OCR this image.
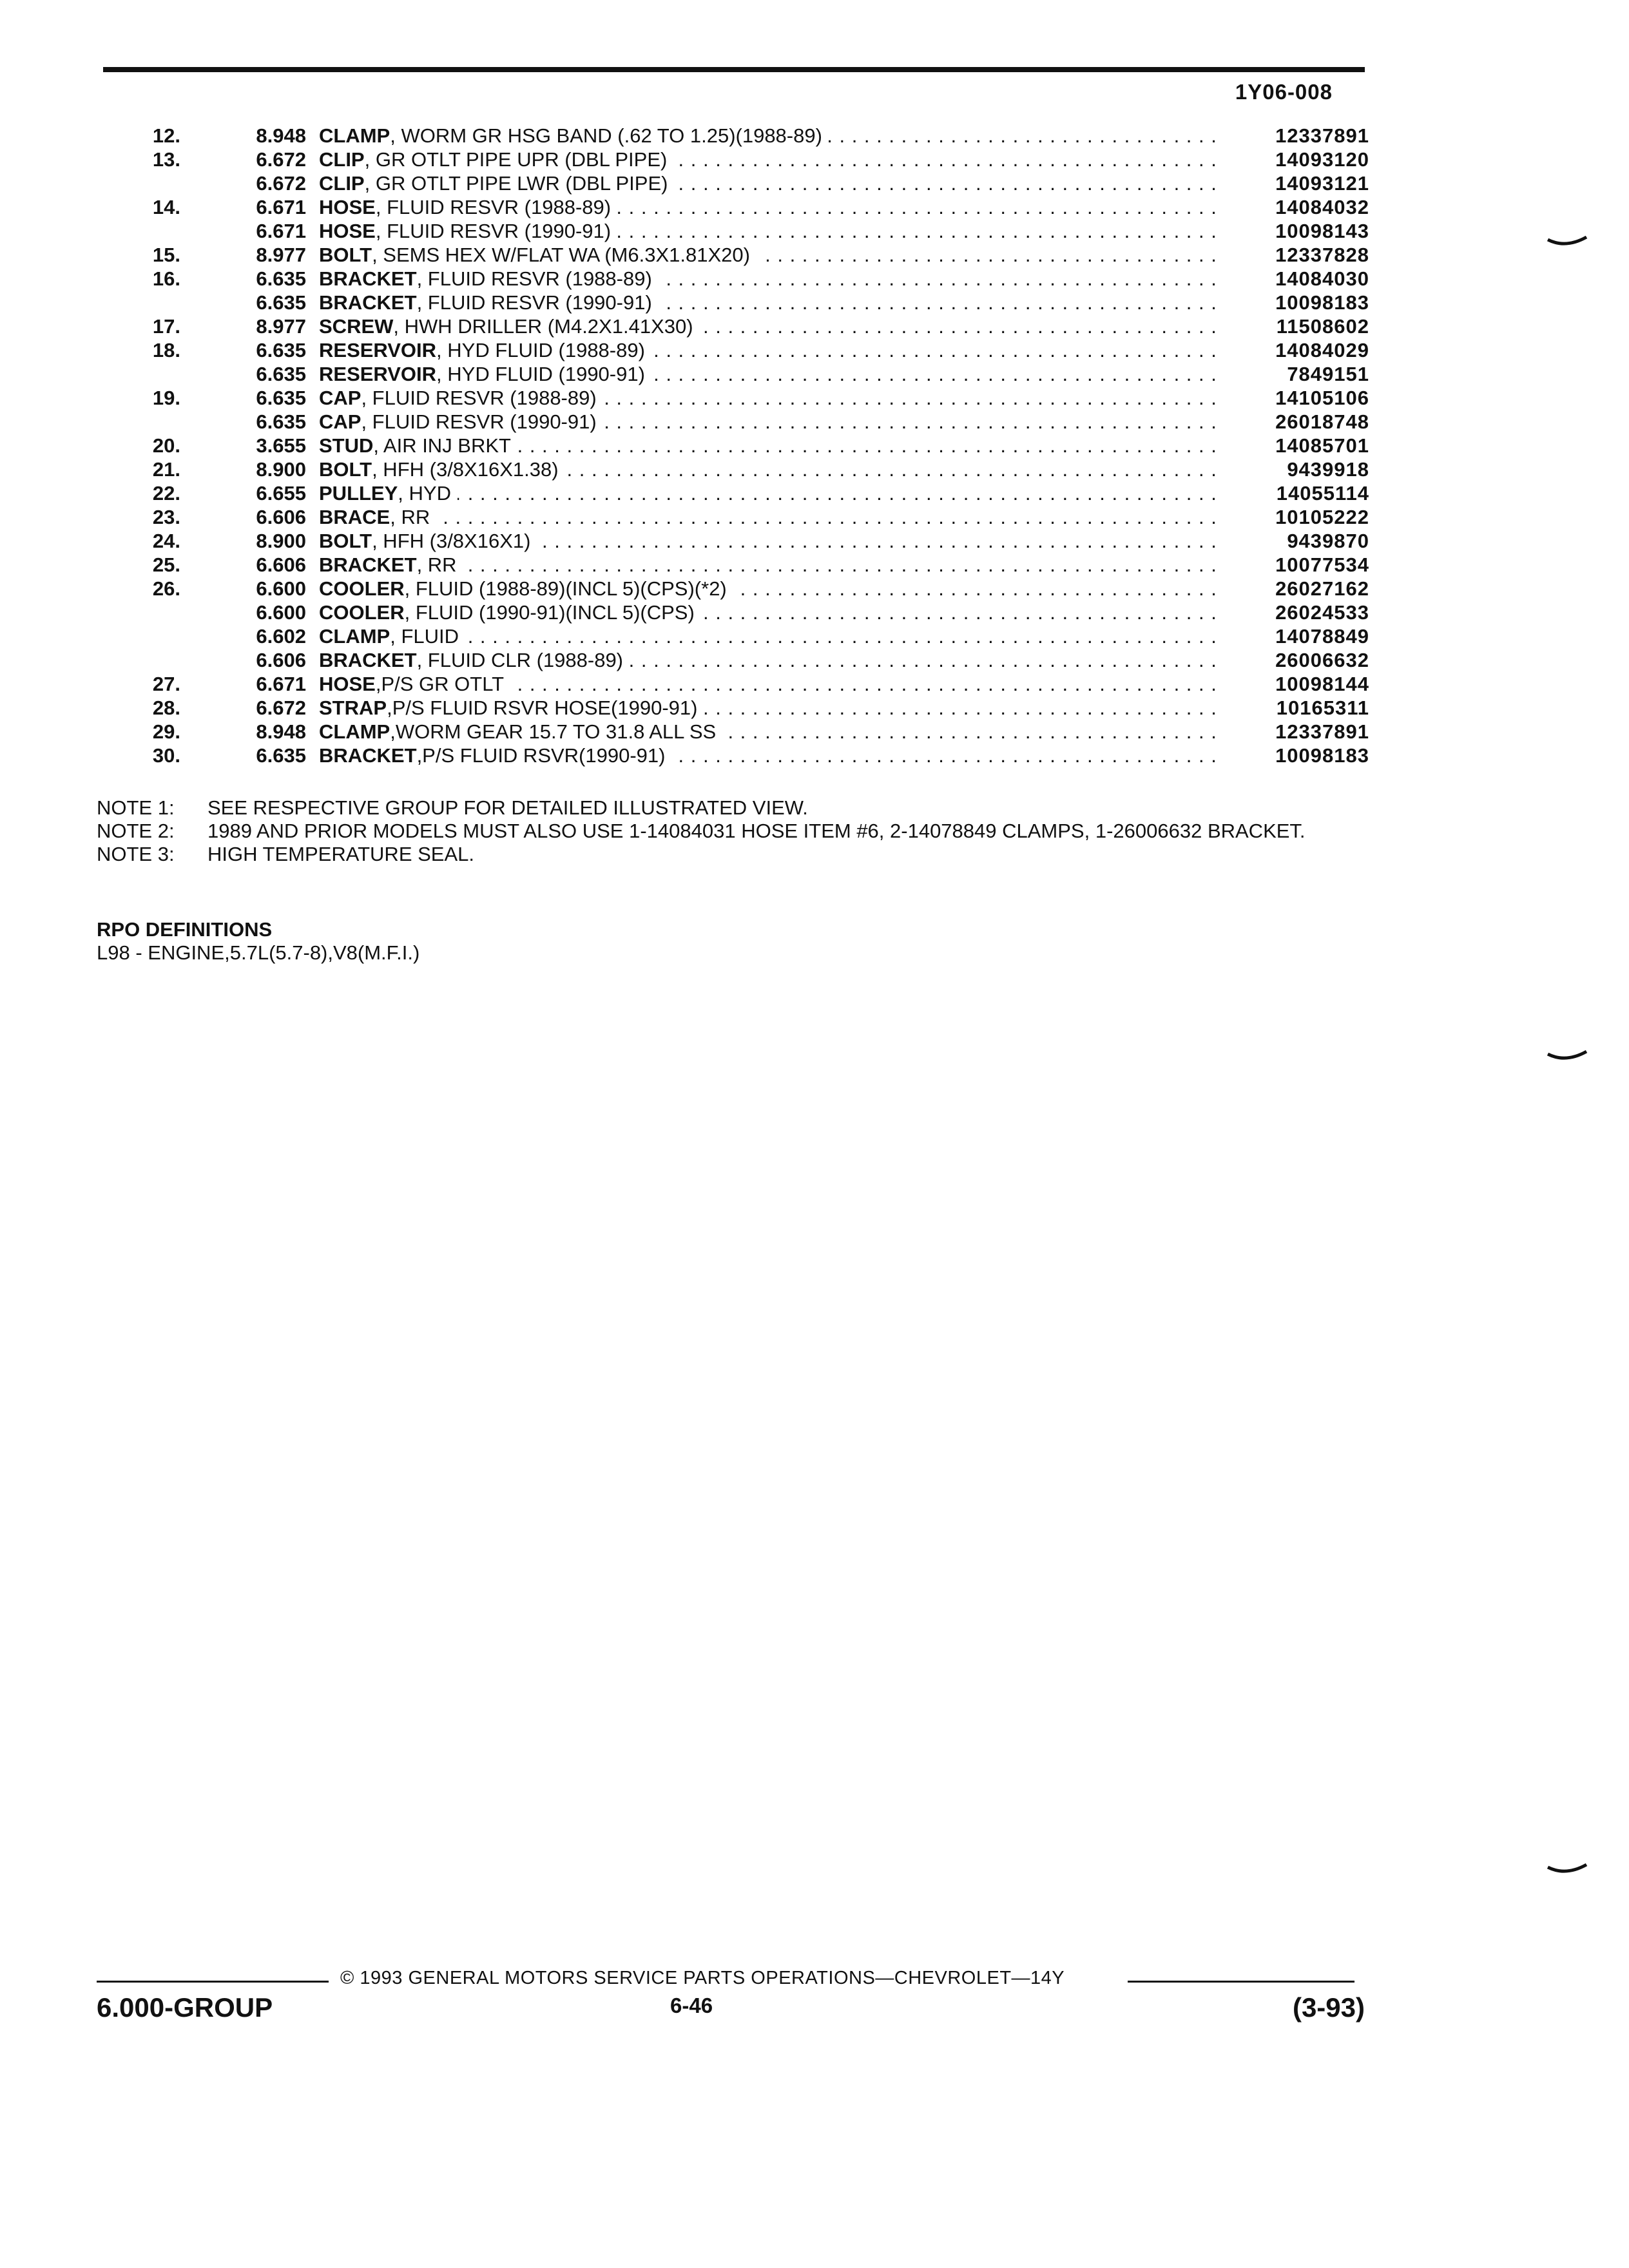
1Y06-008
12.	8.948 CLAMP, WORM GR HSG BAND (.62 TO 1.25)(1988-89) . . .	12337891
13.	6.672 CLIP, GR OTLT PIPE UPR (DBL PIPE) . . .	14093120
6.672 CLIP, GR OTLT PIPE LWR (DBL PIPE) . . .	14093121
14.	6.671 HOSE, FLUID RESVR (1988-89) . . .	14084032
6.671 HOSE, FLUID RESVR (1990-91) . . .	10098143
15.	8.977 BOLT, SEMS HEX W/FLAT WA (M6.3X1.81X20) . . .	12337828
16.	6.635 BRACKET, FLUID RESVR (1988-89) . . .	14084030
6.635 BRACKET, FLUID RESVR (1990-91) . . .	10098183
17.	8.977 SCREW, HWH DRILLER (M4.2X1.41X30) . . .	11508602
18.	6.635 RESERVOIR, HYD FLUID (1988-89) . . .	14084029
6.635 RESERVOIR, HYD FLUID (1990-91) . . .	7849151
19.	6.635 CAP, FLUID RESVR (1988-89) . . .	14105106
6.635 CAP, FLUID RESVR (1990-91) . . .	26018748
20.	3.655 STUD, AIR INJ BRKT . . .	14085701
21.	8.900 BOLT, HFH (3/8X16X1.38) . . .	9439918
22.	6.655 PULLEY, HYD . . .	14055114
23.	6.606 BRACE, RR . . .	10105222
24.	8.900 BOLT, HFH (3/8X16X1) . . .	9439870
25.	6.606 BRACKET, RR . . .	10077534
26.	6.600 COOLER, FLUID (1988-89)(INCL 5)(CPS)(*2) . . .	26027162
6.600 COOLER, FLUID (1990-91)(INCL 5)(CPS) . . .	26024533
6.602 CLAMP, FLUID . . .	14078849
6.606 BRACKET, FLUID CLR (1988-89) . . .	26006632
27.	6.671 HOSE,P/S GR OTLT . . .	10098144
28.	6.672 STRAP,P/S FLUID RSVR HOSE(1990-91) . . .	10165311
29.	8.948 CLAMP,WORM GEAR 15.7 TO 31.8 ALL SS . . .	12337891
30.	6.635 BRACKET,P/S FLUID RSVR(1990-91) . . .	10098183
NOTE 1:	SEE RESPECTIVE GROUP FOR DETAILED ILLUSTRATED VIEW.
NOTE 2:	1989 AND PRIOR MODELS MUST ALSO USE 1-14084031 HOSE ITEM #6, 2-14078849 CLAMPS, 1-26006632 BRACKET.
NOTE 3:	HIGH TEMPERATURE SEAL.
RPO DEFINITIONS
L98 - ENGINE,5.7L(5.7-8),V8(M.F.I.)
© 1993 GENERAL MOTORS SERVICE PARTS OPERATIONS—CHEVROLET—14Y
6.000-GROUP	6-46	(3-93)
